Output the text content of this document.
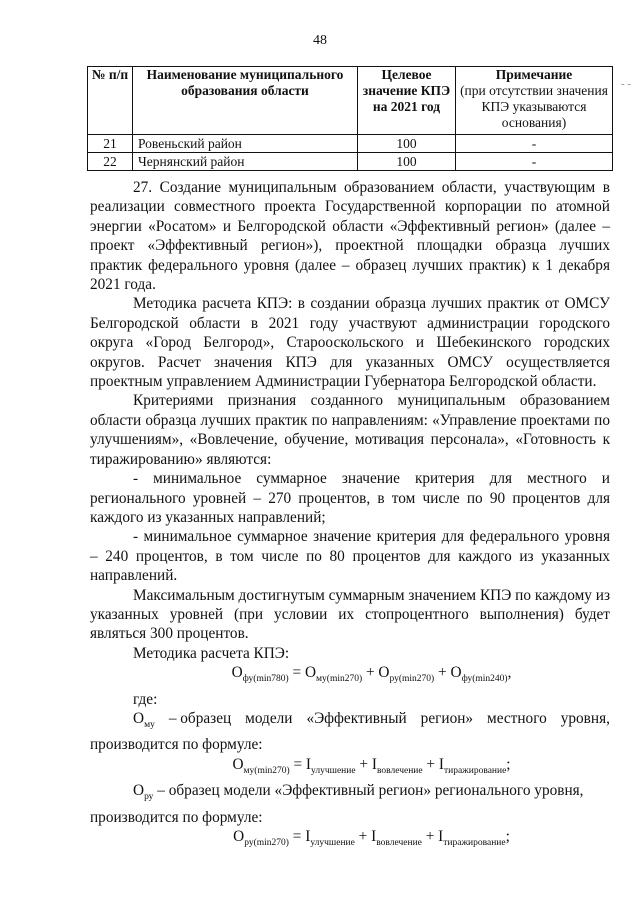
48
- -
№ п/п	Наименование муниципального образования области	Целевое значение КПЭ на 2021 год	Примечание
(при отсутствии значения КПЭ указываются основания)
21	Ровеньский район	100	-
22	Чернянский район	100	-

27. Создание муниципальным образованием области, участвующим в реализации совместного проекта Государственной корпорации по атомной энергии «Росатом» и Белгородской области «Эффективный регион» (далее – проект «Эффективный регион»), проектной площадки образца лучших практик федерального уровня (далее – образец лучших практик) к 1 декабря 2021 года.

Методика расчета КПЭ: в создании образца лучших практик от ОМСУ Белгородской области в 2021 году участвуют администрации городского округа «Город Белгород», Старооскольского и Шебекинского городских округов. Расчет значения КПЭ для указанных ОМСУ осуществляется проектным управлением Администрации Губернатора Белгородской области.

Критериями признания созданного муниципальным образованием области образца лучших практик по направлениям: «Управление проектами по улучшениям», «Вовлечение, обучение, мотивация персонала», «Готовность к тиражированию» являются:

- минимальное суммарное значение критерия для местного и регионального уровней – 270 процентов, в том числе по 90 процентов для каждого из указанных направлений;

- минимальное суммарное значение критерия для федерального уровня – 240 процентов, в том числе по 80 процентов для каждого из указанных направлений.

Максимальным достигнутым суммарным значением КПЭ по каждому из указанных уровней (при условии их стопроцентного выполнения) будет являться 300 процентов.

Методика расчета КПЭ:

$О_{фу(min780)} = О_{му(min270)} + О_{ру(min270)} + О_{фу(min240)}$,

где:

$О_{му}$ – образец модели «Эффективный регион» местного уровня,

производится по формуле:

$О_{му(min270)} = I_{улучшение} + I_{вовлечение} + I_{тиражирование}$;

$О_{ру}$ – образец модели «Эффективный регион» регионального уровня,

производится по формуле:

$О_{ру(min270)} = I_{улучшение} + I_{вовлечение} + I_{тиражирование}$;
